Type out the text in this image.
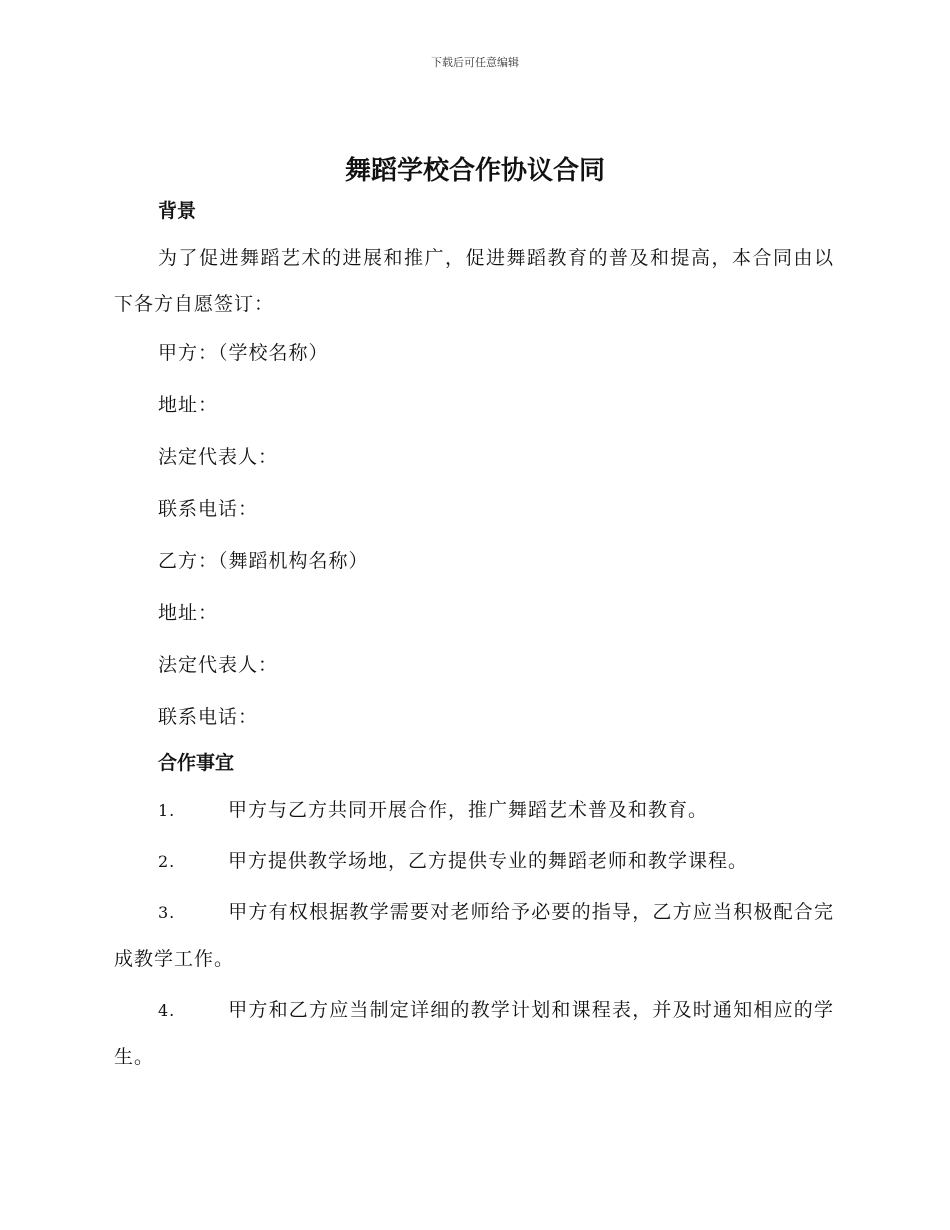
下载后可任意编辑
舞蹈学校合作协议合同
背景

为了促进舞蹈艺术的进展和推广，促进舞蹈教育的普及和提高，本合同由以下各方自愿签订：

甲方：（学校名称）
地址：
法定代表人：
联系电话：
乙方：（舞蹈机构名称）
地址：
法定代表人：
联系电话：
合作事宜

1.	甲方与乙方共同开展合作，推广舞蹈艺术普及和教育。

2.	甲方提供教学场地，乙方提供专业的舞蹈老师和教学课程。

3.	甲方有权根据教学需要对老师给予必要的指导，乙方应当积极配合完成教学工作。

4.	甲方和乙方应当制定详细的教学计划和课程表，并及时通知相应的学生。
